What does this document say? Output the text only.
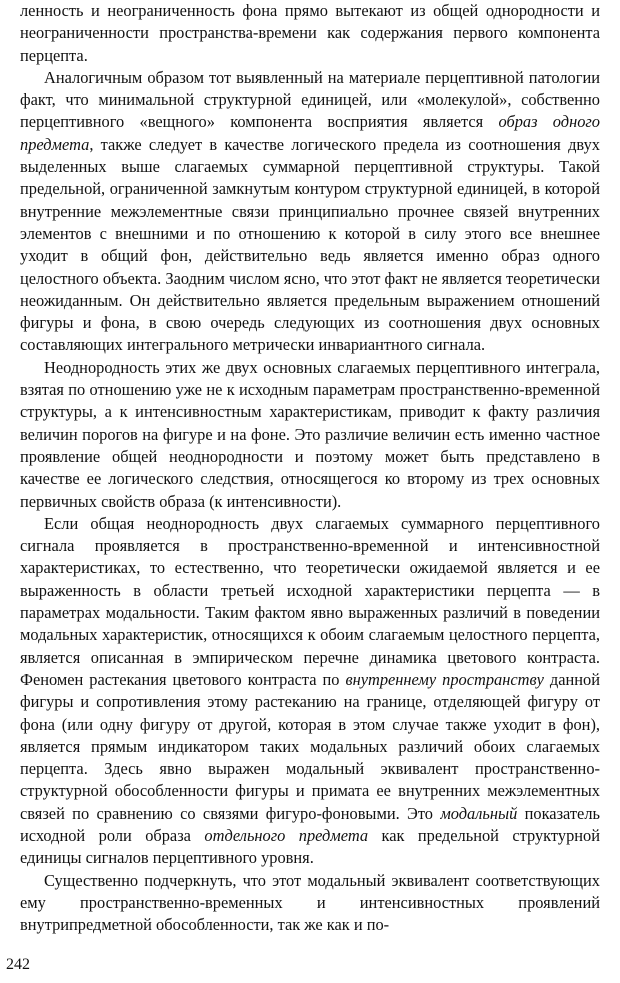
ленность и неограниченность фона прямо вытекают из общей однородности и неограниченности пространства-времени как содержания первого компонента перцепта.

Аналогичным образом тот выявленный на материале перцептивной патологии факт, что минимальной структурной единицей, или «молекулой», собственно перцептивного «вещного» компонента восприятия является образ одного предмета, также следует в качестве логического предела из соотношения двух выделенных выше слагаемых суммарной перцептивной структуры. Такой предельной, ограниченной замкнутым контуром структурной единицей, в которой внутренние межэлементные связи принципиально прочнее связей внутренних элементов с внешними и по отношению к которой в силу этого все внешнее уходит в общий фон, действительно ведь является именно образ одного целостного объекта. Заодним числом ясно, что этот факт не является теоретически неожиданным. Он действительно является предельным выражением отношений фигуры и фона, в свою очередь следующих из соотношения двух основных составляющих интегрального метрически инвариантного сигнала.

Неоднородность этих же двух основных слагаемых перцептивного интеграла, взятая по отношению уже не к исходным параметрам пространственно-временной структуры, а к интенсивностным характеристикам, приводит к факту различия величин порогов на фигуре и на фоне. Это различие величин есть именно частное проявление общей неоднородности и поэтому может быть представлено в качестве ее логического следствия, относящегося ко второму из трех основных первичных свойств образа (к интенсивности).

Если общая неоднородность двух слагаемых суммарного перцептивного сигнала проявляется в пространственно-временной и интенсивностной характеристиках, то естественно, что теоретически ожидаемой является и ее выраженность в области третьей исходной характеристики перцепта — в параметрах модальности. Таким фактом явно выраженных различий в поведении модальных характеристик, относящихся к обоим слагаемым целостного перцепта, является описанная в эмпирическом перечне динамика цветового контраста. Феномен растекания цветового контраста по внутреннему пространству данной фигуры и сопротивления этому растеканию на границе, отделяющей фигуру от фона (или одну фигуру от другой, которая в этом случае также уходит в фон), является прямым индикатором таких модальных различий обоих слагаемых перцепта. Здесь явно выражен модальный эквивалент пространственно-структурной обособленности фигуры и примата ее внутренних межэлементных связей по сравнению со связями фигуро-фоновыми. Это модальный показатель исходной роли образа отдельного предмета как предельной структурной единицы сигналов перцептивного уровня.

Существенно подчеркнуть, что этот модальный эквивалент соответствующих ему пространственно-временных и интенсивностных проявлений внутрипредметной обособленности, так же как и по-

242
